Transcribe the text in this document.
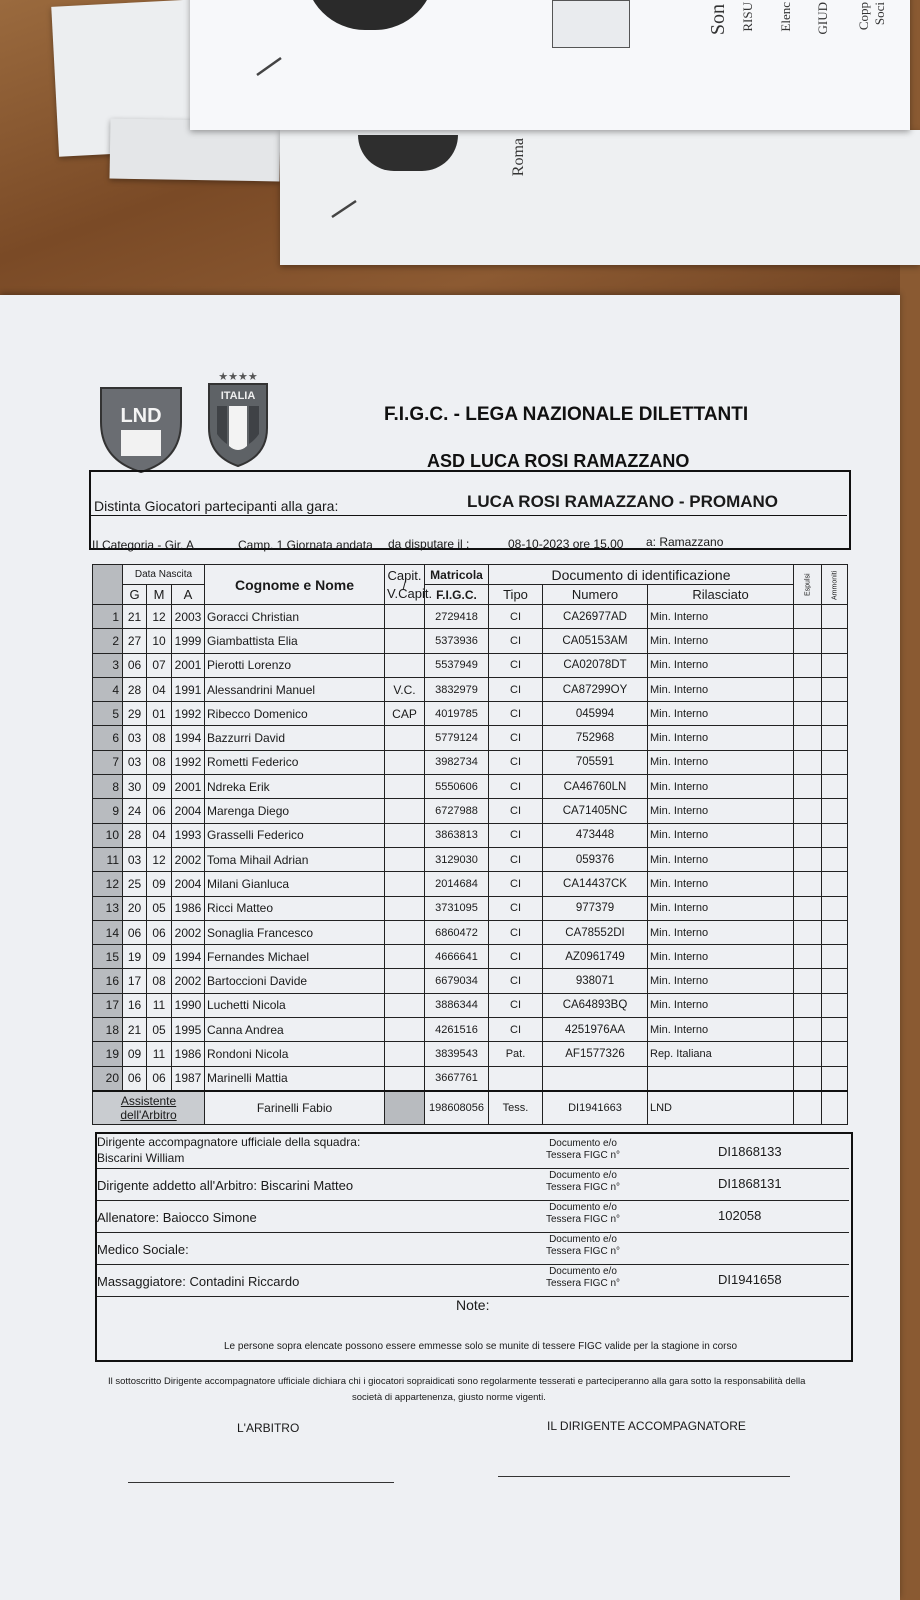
Son RISU Elenc GIUD Copp Soci
Roma
LND
★★★★
ITALIA
F.I.G.C. - LEGA NAZIONALE DILETTANTI
ASD LUCA ROSI RAMAZZANO
Distinta Giocatori partecipanti alla gara:	LUCA ROSI RAMAZZANO - PROMANO
II Categoria - Gir. A	Camp. 1 Giornata andata da disputare il :	08-10-2023 ore 15,00 a: Ramazzano
	Data Nascita			Cognome e Nome	Capit. / V.Capit.	Matricola	Documento di identificazione			Espulsi	Ammoniti
	G	M	A			F.I.G.C.	Tipo	Numero	Rilasciato		
1	21	12	2003	Goracci Christian		2729418	CI	CA26977AD	Min. Interno		
2	27	10	1999	Giambattista Elia		5373936	CI	CA05153AM	Min. Interno		
3	06	07	2001	Pierotti Lorenzo		5537949	CI	CA02078DT	Min. Interno		
4	28	04	1991	Alessandrini Manuel	V.C.	3832979	CI	CA87299OY	Min. Interno		
5	29	01	1992	Ribecco Domenico	CAP	4019785	CI	045994	Min. Interno		
6	03	08	1994	Bazzurri David		5779124	CI	752968	Min. Interno		
7	03	08	1992	Rometti Federico		3982734	CI	705591	Min. Interno		
8	30	09	2001	Ndreka Erik		5550606	CI	CA46760LN	Min. Interno		
9	24	06	2004	Marenga Diego		6727988	CI	CA71405NC	Min. Interno		
10	28	04	1993	Grasselli Federico		3863813	CI	473448	Min. Interno		
11	03	12	2002	Toma Mihail Adrian		3129030	CI	059376	Min. Interno		
12	25	09	2004	Milani Gianluca		2014684	CI	CA14437CK	Min. Interno		
13	20	05	1986	Ricci Matteo		3731095	CI	977379	Min. Interno		
14	06	06	2002	Sonaglia Francesco		6860472	CI	CA78552DI	Min. Interno		
15	19	09	1994	Fernandes Michael		4666641	CI	AZ0961749	Min. Interno		
16	17	08	2002	Bartoccioni Davide		6679034	CI	938071	Min. Interno		
17	16	11	1990	Luchetti Nicola		3886344	CI	CA64893BQ	Min. Interno		
18	21	05	1995	Canna Andrea		4261516	CI	4251976AA	Min. Interno		
19	09	11	1986	Rondoni Nicola		3839543	Pat.	AF1577326	Rep. Italiana		
20	06	06	1987	Marinelli Mattia		3667761					
Assistente
dell'Arbitro				Farinelli Fabio		198608056	Tess.	DI1941663	LND		
Dirigente accompagnatore ufficiale della squadra:
Biscarini William
Documento e/o
Tessera FIGC n°	DI1868133
Dirigente addetto all'Arbitro: Biscarini Matteo
Documento e/o
Tessera FIGC n°	DI1868131
Allenatore: Baiocco Simone
Documento e/o
Tessera FIGC n°	102058
Medico Sociale:
Documento e/o
Tessera FIGC n°
Massaggiatore: Contadini Riccardo
Documento e/o
Tessera FIGC n°	DI1941658
Note:
Le persone sopra elencate possono essere emmesse solo se munite di tessere FIGC valide per la stagione in corso
Il sottoscritto Dirigente accompagnatore ufficiale dichiara chi i giocatori sopraidicati sono regolarmente tesserati e parteciperanno alla gara sotto la responsabilità della
società di appartenenza, giusto norme vigenti.
L'ARBITRO	IL DIRIGENTE ACCOMPAGNATORE
